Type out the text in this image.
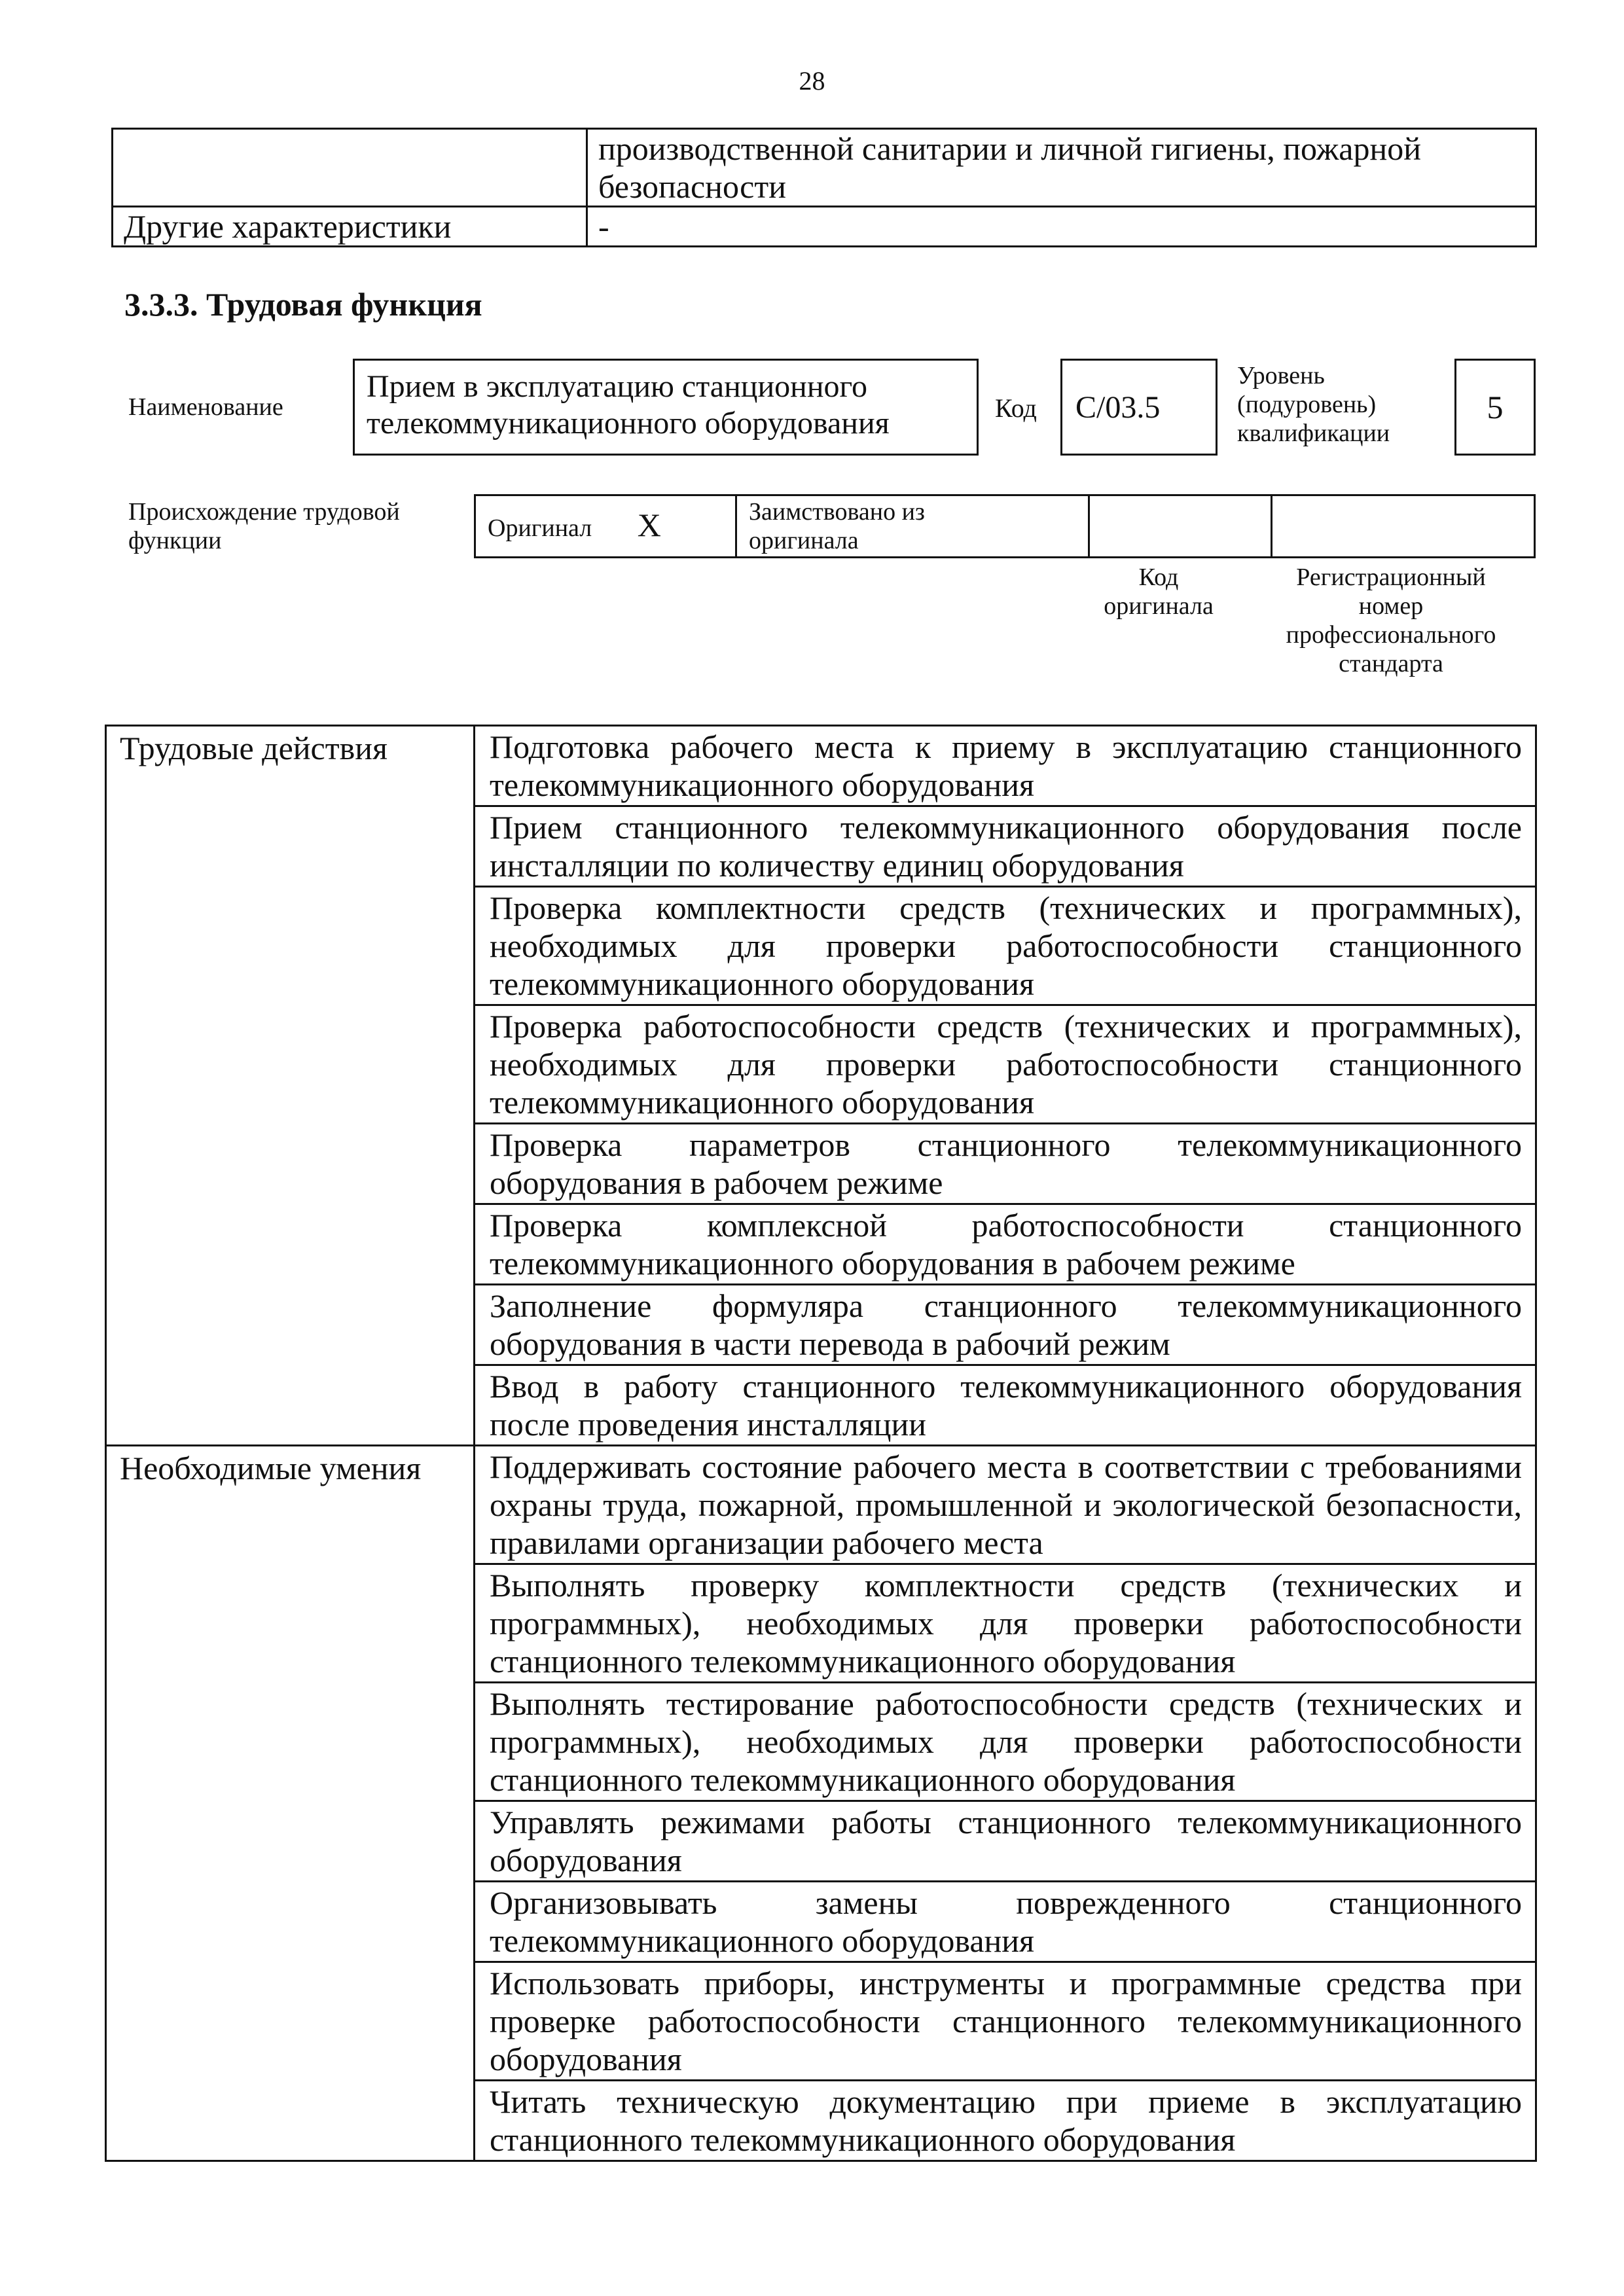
28
	производственной санитарии и личной гигиены, пожарной безопасности
Другие характеристики	-
3.3.3. Трудовая функция
Наименование
Прием в эксплуатацию станционного
телекоммуникационного оборудования	Код C/03.5
Уровень
(подуровень)
квалификации
5
Происхождение трудовой
функции	Оригинал X	Заимствовано из
оригинала

Код
оригинала
Регистрационный
номер
профессионального
стандарта
Трудовые действия	Подготовка рабочего места к приему в эксплуатацию станционного телекоммуникационного оборудования
	Прием станционного телекоммуникационного оборудования после инсталляции по количеству единиц оборудования
	Проверка комплектности средств (технических и программных), необходимых для проверки работоспособности станционного телекоммуникационного оборудования
	Проверка работоспособности средств (технических и программных), необходимых для проверки работоспособности станционного телекоммуникационного оборудования
	Проверка параметров станционного телекоммуникационного оборудования в рабочем режиме
	Проверка комплексной работоспособности станционного телекоммуникационного оборудования в рабочем режиме
	Заполнение формуляра станционного телекоммуникационного оборудования в части перевода в рабочий режим
	Ввод в работу станционного телекоммуникационного оборудования после проведения инсталляции
Необходимые умения	Поддерживать состояние рабочего места в соответствии с требованиями охраны труда, пожарной, промышленной и экологической безопасности, правилами организации рабочего места
	Выполнять проверку комплектности средств (технических и программных), необходимых для проверки работоспособности станционного телекоммуникационного оборудования
	Выполнять тестирование работоспособности средств (технических и программных), необходимых для проверки работоспособности станционного телекоммуникационного оборудования
	Управлять режимами работы станционного телекоммуникационного оборудования
	Организовывать замены поврежденного станционного телекоммуникационного оборудования
	Использовать приборы, инструменты и программные средства при проверке работоспособности станционного телекоммуникационного оборудования
	Читать техническую документацию при приеме в эксплуатацию станционного телекоммуникационного оборудования
